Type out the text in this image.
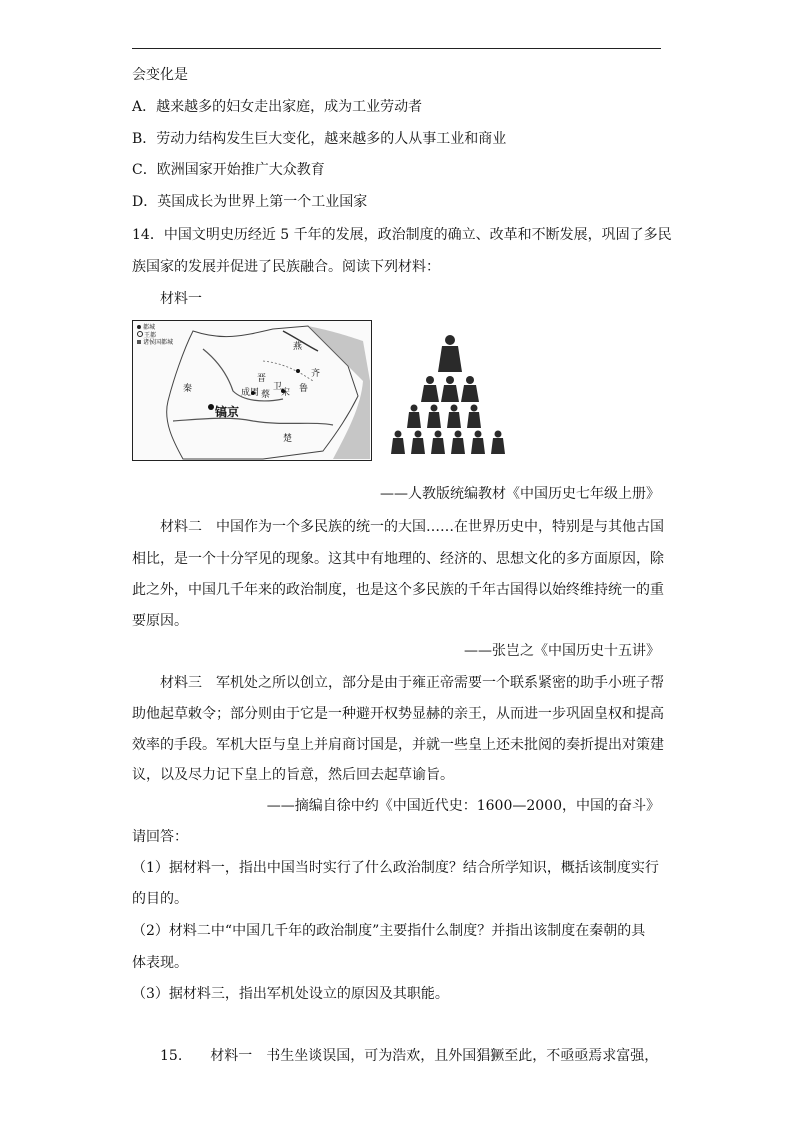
会变化是
A．越来越多的妇女走出家庭，成为工业劳动者
B．劳动力结构发生巨大变化，越来越多的人从事工业和商业
C．欧洲国家开始推广大众教育
D．英国成长为世界上第一个工业国家
14．中国文明史历经近 5 千年的发展，政治制度的确立、改革和不断发展，巩固了多民
族国家的发展并促进了民族融合。阅读下列材料：
材料一
都城
王都
诸侯国都城
镐京
燕
齐
鲁
晋
卫
宋
蔡
成周
楚
秦
——人教版统编教材《中国历史七年级上册》
材料二　中国作为一个多民族的统一的大国……在世界历史中，特别是与其他古国
相比，是一个十分罕见的现象。这其中有地理的、经济的、思想文化的多方面原因，除
此之外，中国几千年来的政治制度，也是这个多民族的千年古国得以始终维持统一的重
要原因。
——张岂之《中国历史十五讲》
材料三　军机处之所以创立，部分是由于雍正帝需要一个联系紧密的助手小班子帮
助他起草敕令；部分则由于它是一种避开权势显赫的亲王，从而进一步巩固皇权和提高
效率的手段。军机大臣与皇上并肩商讨国是，并就一些皇上还未批阅的奏折提出对策建
议，以及尽力记下皇上的旨意，然后回去起草谕旨。
——摘编自徐中约《中国近代史：1600—2000，中国的奋斗》
请回答：
（1）据材料一，指出中国当时实行了什么政治制度？结合所学知识，概括该制度实行
的目的。
（2）材料二中“中国几千年的政治制度”主要指什么制度？并指出该制度在秦朝的具
体表现。
（3）据材料三，指出军机处设立的原因及其职能。
15.　　材料一　书生坐谈误国，可为浩欢，且外国猖獗至此，不亟亟焉求富强，
